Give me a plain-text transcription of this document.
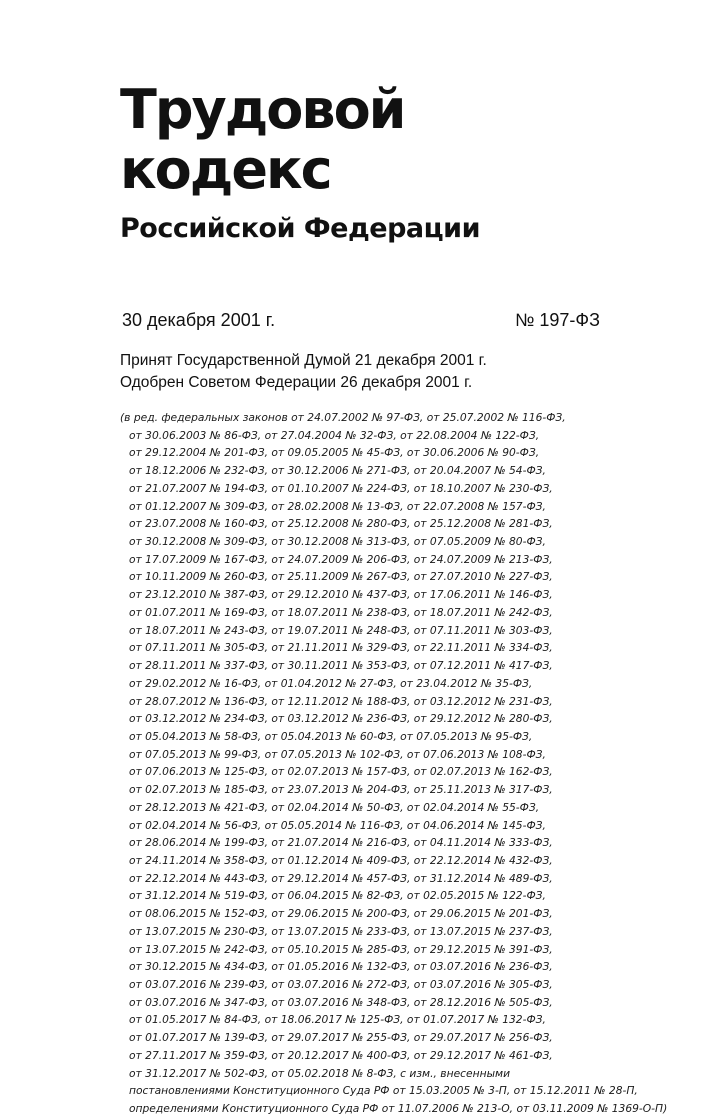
Трудовой
кодекс
Российской Федерации
30 декабря 2001 г.	№ 197-ФЗ
Принят Государственной Думой 21 декабря 2001 г.
Одобрен Советом Федерации 26 декабря 2001 г.
(в ред. федеральных законов от 24.07.2002 № 97-ФЗ, от 25.07.2002 № 116-ФЗ,
от 30.06.2003 № 86-ФЗ, от 27.04.2004 № 32-ФЗ, от 22.08.2004 № 122-ФЗ,
от 29.12.2004 № 201-ФЗ, от 09.05.2005 № 45-ФЗ, от 30.06.2006 № 90-ФЗ,
от 18.12.2006 № 232-ФЗ, от 30.12.2006 № 271-ФЗ, от 20.04.2007 № 54-ФЗ,
от 21.07.2007 № 194-ФЗ, от 01.10.2007 № 224-ФЗ, от 18.10.2007 № 230-ФЗ,
от 01.12.2007 № 309-ФЗ, от 28.02.2008 № 13-ФЗ, от 22.07.2008 № 157-ФЗ,
от 23.07.2008 № 160-ФЗ, от 25.12.2008 № 280-ФЗ, от 25.12.2008 № 281-ФЗ,
от 30.12.2008 № 309-ФЗ, от 30.12.2008 № 313-ФЗ, от 07.05.2009 № 80-ФЗ,
от 17.07.2009 № 167-ФЗ, от 24.07.2009 № 206-ФЗ, от 24.07.2009 № 213-ФЗ,
от 10.11.2009 № 260-ФЗ, от 25.11.2009 № 267-ФЗ, от 27.07.2010 № 227-ФЗ,
от 23.12.2010 № 387-ФЗ, от 29.12.2010 № 437-ФЗ, от 17.06.2011 № 146-ФЗ,
от 01.07.2011 № 169-ФЗ, от 18.07.2011 № 238-ФЗ, от 18.07.2011 № 242-ФЗ,
от 18.07.2011 № 243-ФЗ, от 19.07.2011 № 248-ФЗ, от 07.11.2011 № 303-ФЗ,
от 07.11.2011 № 305-ФЗ, от 21.11.2011 № 329-ФЗ, от 22.11.2011 № 334-ФЗ,
от 28.11.2011 № 337-ФЗ, от 30.11.2011 № 353-ФЗ, от 07.12.2011 № 417-ФЗ,
от 29.02.2012 № 16-ФЗ, от 01.04.2012 № 27-ФЗ, от 23.04.2012 № 35-ФЗ,
от 28.07.2012 № 136-ФЗ, от 12.11.2012 № 188-ФЗ, от 03.12.2012 № 231-ФЗ,
от 03.12.2012 № 234-ФЗ, от 03.12.2012 № 236-ФЗ, от 29.12.2012 № 280-ФЗ,
от 05.04.2013 № 58-ФЗ, от 05.04.2013 № 60-ФЗ, от 07.05.2013 № 95-ФЗ,
от 07.05.2013 № 99-ФЗ, от 07.05.2013 № 102-ФЗ, от 07.06.2013 № 108-ФЗ,
от 07.06.2013 № 125-ФЗ, от 02.07.2013 № 157-ФЗ, от 02.07.2013 № 162-ФЗ,
от 02.07.2013 № 185-ФЗ, от 23.07.2013 № 204-ФЗ, от 25.11.2013 № 317-ФЗ,
от 28.12.2013 № 421-ФЗ, от 02.04.2014 № 50-ФЗ, от 02.04.2014 № 55-ФЗ,
от 02.04.2014 № 56-ФЗ, от 05.05.2014 № 116-ФЗ, от 04.06.2014 № 145-ФЗ,
от 28.06.2014 № 199-ФЗ, от 21.07.2014 № 216-ФЗ, от 04.11.2014 № 333-ФЗ,
от 24.11.2014 № 358-ФЗ, от 01.12.2014 № 409-ФЗ, от 22.12.2014 № 432-ФЗ,
от 22.12.2014 № 443-ФЗ, от 29.12.2014 № 457-ФЗ, от 31.12.2014 № 489-ФЗ,
от 31.12.2014 № 519-ФЗ, от 06.04.2015 № 82-ФЗ, от 02.05.2015 № 122-ФЗ,
от 08.06.2015 № 152-ФЗ, от 29.06.2015 № 200-ФЗ, от 29.06.2015 № 201-ФЗ,
от 13.07.2015 № 230-ФЗ, от 13.07.2015 № 233-ФЗ, от 13.07.2015 № 237-ФЗ,
от 13.07.2015 № 242-ФЗ, от 05.10.2015 № 285-ФЗ, от 29.12.2015 № 391-ФЗ,
от 30.12.2015 № 434-ФЗ, от 01.05.2016 № 132-ФЗ, от 03.07.2016 № 236-ФЗ,
от 03.07.2016 № 239-ФЗ, от 03.07.2016 № 272-ФЗ, от 03.07.2016 № 305-ФЗ,
от 03.07.2016 № 347-ФЗ, от 03.07.2016 № 348-ФЗ, от 28.12.2016 № 505-ФЗ,
от 01.05.2017 № 84-ФЗ, от 18.06.2017 № 125-ФЗ, от 01.07.2017 № 132-ФЗ,
от 01.07.2017 № 139-ФЗ, от 29.07.2017 № 255-ФЗ, от 29.07.2017 № 256-ФЗ,
от 27.11.2017 № 359-ФЗ, от 20.12.2017 № 400-ФЗ, от 29.12.2017 № 461-ФЗ,
от 31.12.2017 № 502-ФЗ, от 05.02.2018 № 8-ФЗ, с изм., внесенными
постановлениями Конституционного Суда РФ от 15.03.2005 № 3-П, от 15.12.2011 № 28-П,
определениями Конституционного Суда РФ от 11.07.2006 № 213-О, от 03.11.2009 № 1369-О-П)
